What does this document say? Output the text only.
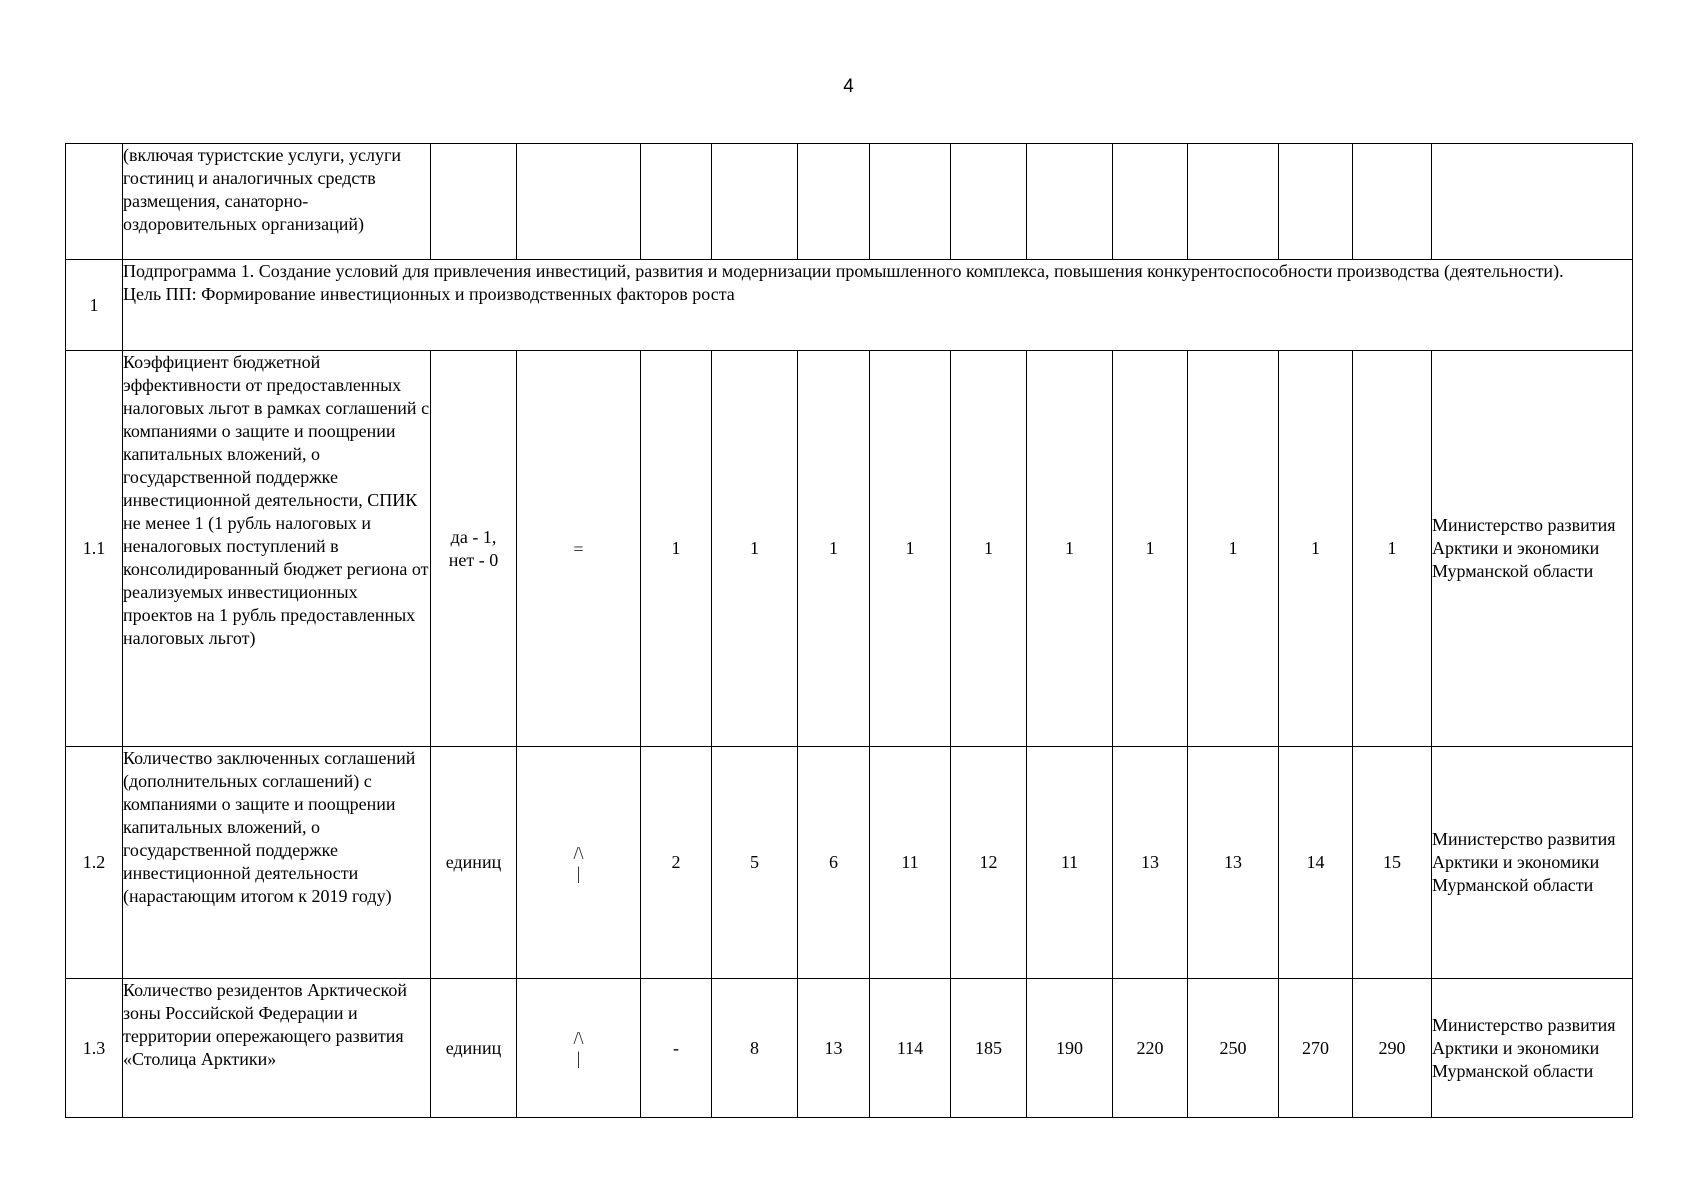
4
	(включая туристские услуги, услуги гостиниц и аналогичных средств размещения, санаторно-оздоровительных организаций)													
1	Подпрограмма 1. Создание условий для привлечения инвестиций, развития и модернизации промышленного комплекса, повышения конкурентоспособности производства (деятельности).
Цель ПП: Формирование инвестиционных и производственных факторов роста													

1.1	Коэффициент бюджетной эффективности от предоставленных налоговых льгот в рамках соглашений с компаниями о защите и поощрении капитальных вложений, о государственной поддержке инвестиционной деятельности, СПИК не менее 1 (1 рубль налоговых и неналоговых поступлений в консолидированный бюджет региона от реализуемых инвестиционных проектов на 1 рубль предоставленных налоговых льгот)	да - 1,
нет - 0	=	1	1	1	1	1	1	1	1	1	1	Министерство развития Арктики и экономики Мурманской области
1.2	Количество заключенных соглашений (дополнительных соглашений) с компаниями о защите и поощрении капитальных вложений, о государственной поддержке инвестиционной деятельности (нарастающим итогом к 2019 году)	единиц	/\
|	2	5	6	11	12	11	13	13	14	15	Министерство развития Арктики и экономики Мурманской области
1.3	Количество резидентов Арктической зоны Российской Федерации и территории опережающего развития «Столица Арктики»	единиц	/\
|	-	8	13	114	185	190	220	250	270	290	Министерство развития Арктики и экономики Мурманской области
